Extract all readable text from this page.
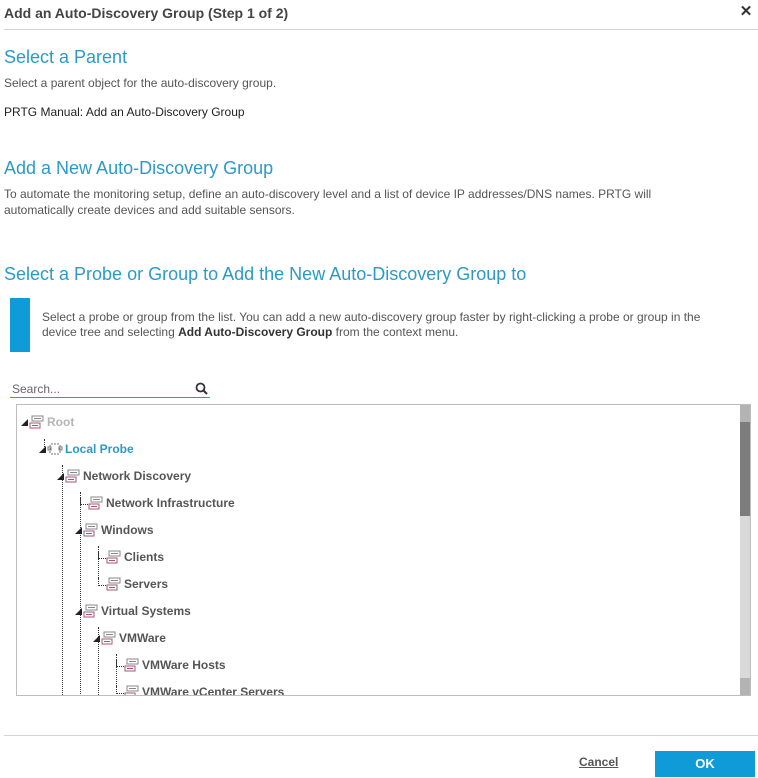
Add an Auto-Discovery Group (Step 1 of 2)	✕
Select a Parent
Select a parent object for the auto-discovery group.
PRTG Manual: Add an Auto-Discovery Group
Add a New Auto-Discovery Group
To automate the monitoring setup, define an auto-discovery level and a list of device IP addresses/DNS names. PRTG will automatically create devices and add suitable sensors.
Select a Probe or Group to Add the New Auto-Discovery Group to
Select a probe or group from the list. You can add a new auto-discovery group faster by right-clicking a probe or group in the device tree and selecting Add Auto-Discovery Group from the context menu.
Search...
Root
Local Probe
Network Discovery
Network Infrastructure
Windows
Clients
Servers
Virtual Systems
VMWare
VMWare Hosts
VMWare vCenter Servers
Cancel	OK
